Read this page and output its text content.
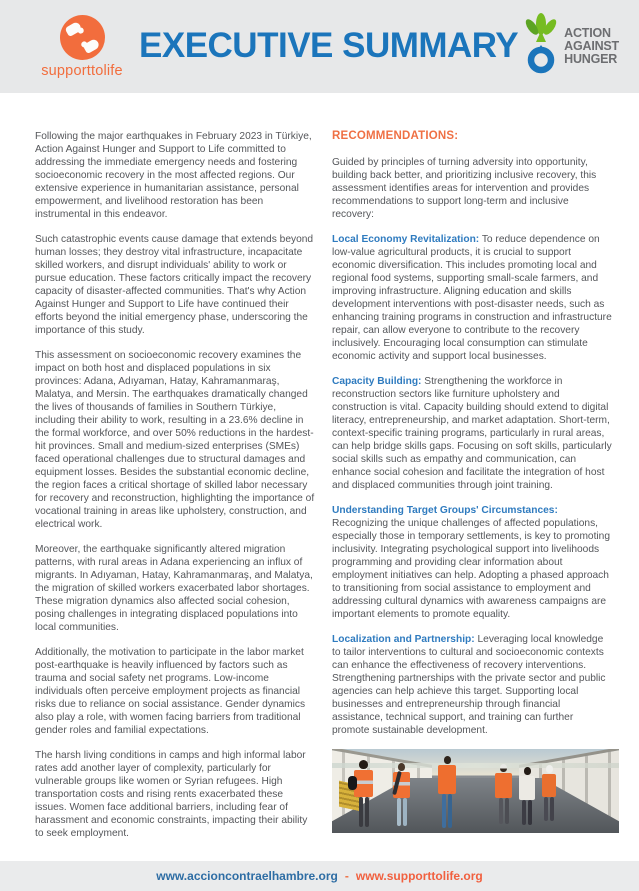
supporttolife
EXECUTIVE SUMMARY	ACTION
AGAINST
HUNGER

Following the major earthquakes in February 2023 in Türkiye, Action Against Hunger and Support to Life committed to addressing the immediate emergency needs and fostering socioeconomic recovery in the most affected regions. Our extensive experience in humanitarian assistance, personal empowerment, and livelihood restoration has been instrumental in this endeavor.

Such catastrophic events cause damage that extends beyond human losses; they destroy vital infrastructure, incapacitate skilled workers, and disrupt individuals' ability to work or pursue education. These factors critically impact the recovery capacity of disaster-affected communities. That's why Action Against Hunger and Support to Life have continued their efforts beyond the initial emergency phase, underscoring the importance of this study.

This assessment on socioeconomic recovery examines the impact on both host and displaced populations in six provinces: Adana, Adıyaman, Hatay, Kahramanmaraş, Malatya, and Mersin. The earthquakes dramatically changed the lives of thousands of families in Southern Türkiye, including their ability to work, resulting in a 23.6% decline in the formal workforce, and over 50% reductions in the hardest-hit provinces. Small and medium-sized enterprises (SMEs) faced operational challenges due to structural damages and equipment losses. Besides the substantial economic decline, the region faces a critical shortage of skilled labor necessary for recovery and reconstruction, highlighting the importance of vocational training in areas like upholstery, construction, and electrical work.

Moreover, the earthquake significantly altered migration patterns, with rural areas in Adana experiencing an influx of migrants. In Adıyaman, Hatay, Kahramanmaraş, and Malatya, the migration of skilled workers exacerbated labor shortages. These migration dynamics also affected social cohesion, posing challenges in integrating displaced populations into local communities.

Additionally, the motivation to participate in the labor market post-earthquake is heavily influenced by factors such as trauma and social safety net programs. Low-income individuals often perceive employment projects as financial risks due to reliance on social assistance. Gender dynamics also play a role, with women facing barriers from traditional gender roles and familial expectations.

The harsh living conditions in camps and high informal labor rates add another layer of complexity, particularly for vulnerable groups like women or Syrian refugees. High transportation costs and rising rents exacerbated these issues. Women face additional barriers, including fear of harassment and economic constraints, impacting their ability to seek employment.

RECOMMENDATIONS:

Guided by principles of turning adversity into opportunity, building back better, and prioritizing inclusive recovery, this assessment identifies areas for intervention and provides recommendations to support long-term and inclusive recovery:

Local Economy Revitalization: To reduce dependence on low-value agricultural products, it is crucial to support economic diversification. This includes promoting local and regional food systems, supporting small-scale farmers, and improving infrastructure. Aligning education and skills development interventions with post-disaster needs, such as enhancing training programs in construction and infrastructure repair, can allow everyone to contribute to the recovery inclusively. Encouraging local consumption can stimulate economic activity and support local businesses.

Capacity Building: Strengthening the workforce in reconstruction sectors like furniture upholstery and construction is vital. Capacity building should extend to digital literacy, entrepreneurship, and market adaptation. Short-term, context-specific training programs, particularly in rural areas, can help bridge skills gaps. Focusing on soft skills, particularly social skills such as empathy and communication, can enhance social cohesion and facilitate the integration of host and displaced communities through joint training.

Understanding Target Groups' Circumstances: Recognizing the unique challenges of affected populations, especially those in temporary settlements, is key to promoting inclusivity. Integrating psychological support into livelihoods programming and providing clear information about employment initiatives can help. Adopting a phased approach to transitioning from social assistance to employment and addressing cultural dynamics with awareness campaigns are important elements to promote equality.

Localization and Partnership: Leveraging local knowledge to tailor interventions to cultural and socioeconomic contexts can enhance the effectiveness of recovery interventions. Strengthening partnerships with the private sector and public agencies can help achieve this target. Supporting local businesses and entrepreneurship through financial assistance, technical support, and training can further promote sustainable development.

www.accioncontraelhambre.org - www.supporttolife.org
